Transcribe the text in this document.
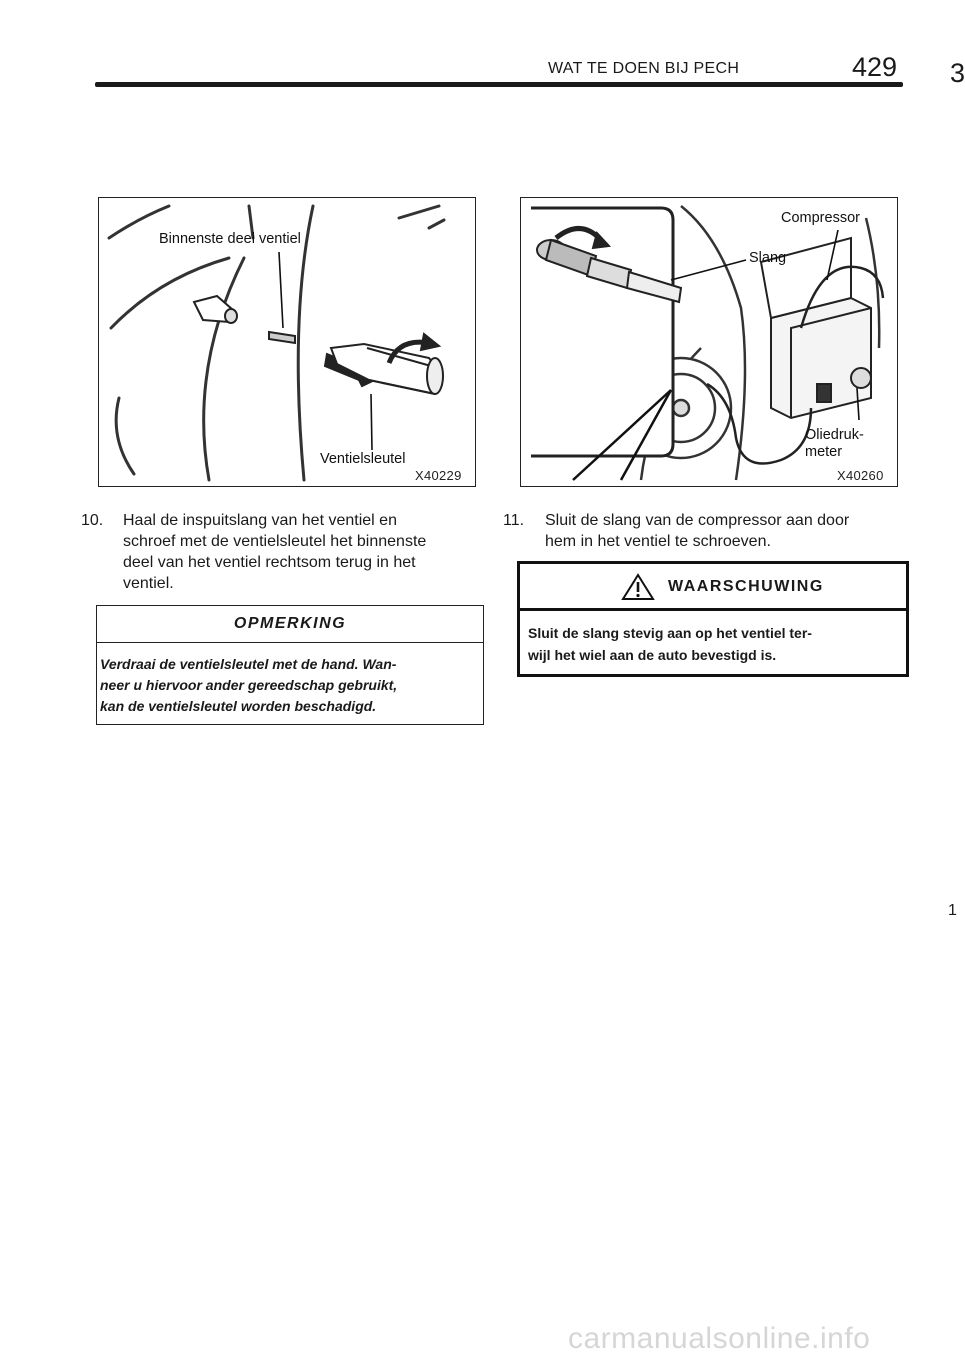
WAT TE DOEN BIJ PECH	429 3
Binnenste deel ventiel
Ventielsleutel
X40229
Compressor
Slang
Oliedruk-
meter
X40260
10. Haal de inspuitslang van het ventiel en
schroef met de ventielsleutel het binnenste
deel van het ventiel rechtsom terug in het
ventiel.
OPMERKING
Verdraai de ventielsleutel met de hand. Wan-
neer u hiervoor ander gereedschap gebruikt,
kan de ventielsleutel worden beschadigd.
11. Sluit de slang van de compressor aan door
hem in het ventiel te schroeven.
WAARSCHUWING
Sluit de slang stevig aan op het ventiel ter-
wijl het wiel aan de auto bevestigd is.
1
carmanualsonline.info
